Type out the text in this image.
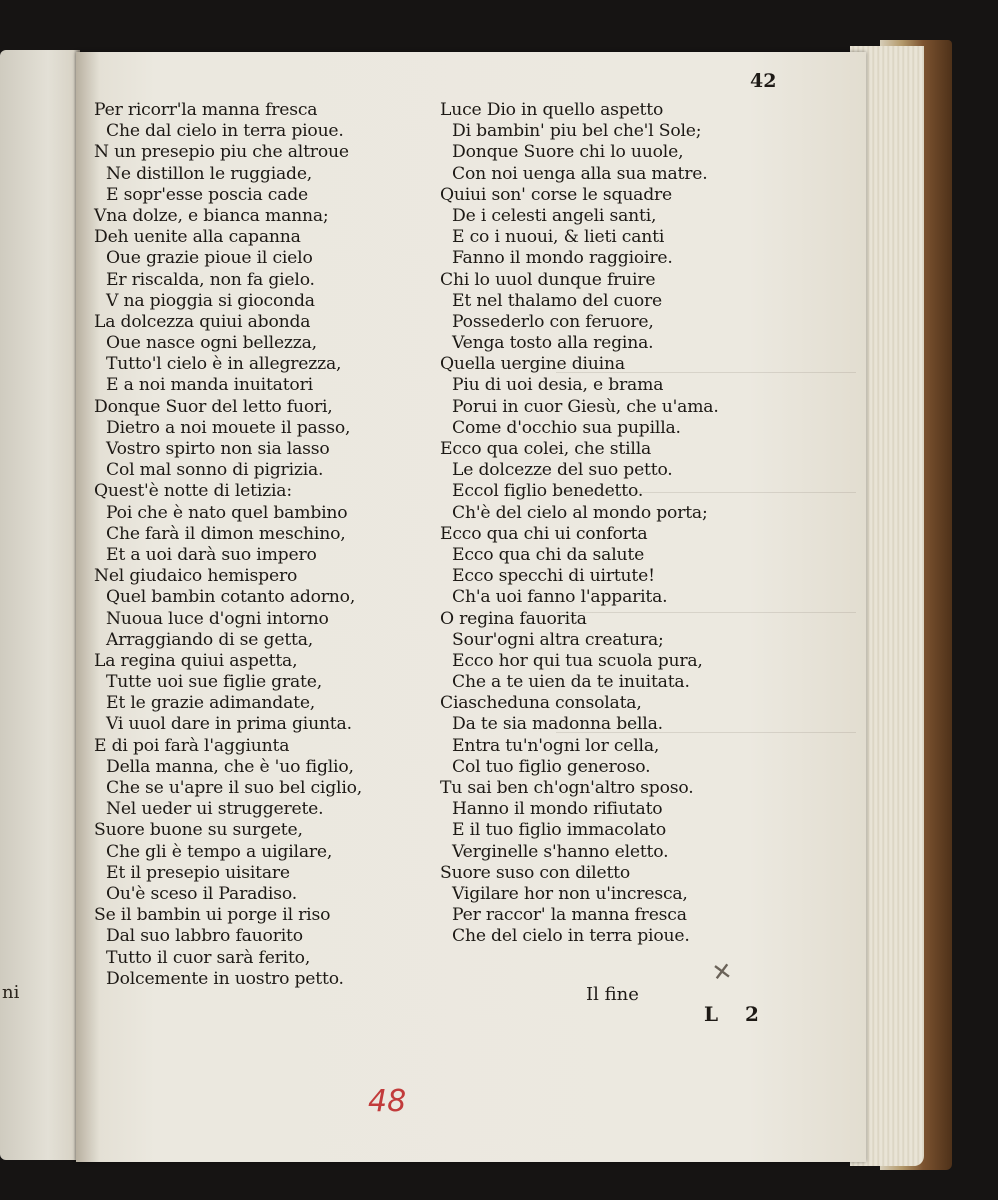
ni
42
Per ricorr'la manna fresca
Che dal cielo in terra pioue.
N un presepio piu che altroue
Ne distillon le ruggiade,
E sopr'esse poscia cade
Vna dolze, e bianca manna;
Deh uenite alla capanna
Oue grazie pioue il cielo
Er riscalda, non fa gielo.
V na pioggia si gioconda
La dolcezza quiui abonda
Oue nasce ogni bellezza,
Tutto'l cielo è in allegrezza,
E a noi manda inuitatori
Donque Suor del letto fuori,
Dietro a noi mouete il passo,
Vostro spirto non sia lasso
Col mal sonno di pigrizia.
Quest'è notte di letizia:
Poi che è nato quel bambino
Che farà il dimon meschino,
Et a uoi darà suo impero
Nel giudaico hemispero
Quel bambin cotanto adorno,
Nuoua luce d'ogni intorno
Arraggiando di se getta,
La regina quiui aspetta,
Tutte uoi sue figlie grate,
Et le grazie adimandate,
Vi uuol dare in prima giunta.
E di poi farà l'aggiunta
Della manna, che è 'uo figlio,
Che se u'apre il suo bel ciglio,
Nel ueder ui struggerete.
Suore buone su surgete,
Che gli è tempo a uigilare,
Et il presepio uisitare
Ou'è sceso il Paradiso.
Se il bambin ui porge il riso
Dal suo labbro fauorito
Tutto il cuor sarà ferito,
Dolcemente in uostro petto.
Luce Dio in quello aspetto
Di bambin' piu bel che'l Sole;
Donque Suore chi lo uuole,
Con noi uenga alla sua matre.
Quiui son' corse le squadre
De i celesti angeli santi,
E co i nuoui, & lieti canti
Fanno il mondo raggioire.
Chi lo uuol dunque fruire
Et nel thalamo del cuore
Possederlo con feruore,
Venga tosto alla regina.
Quella uergine diuina
Piu di uoi desia, e brama
Porui in cuor Giesù, che u'ama.
Come d'occhio sua pupilla.
Ecco qua colei, che stilla
Le dolcezze del suo petto.
Eccol figlio benedetto.
Ch'è del cielo al mondo porta;
Ecco qua chi ui conforta
Ecco qua chi da salute
Ecco specchi di uirtute!
Ch'a uoi fanno l'apparita.
O regina fauorita
Sour'ogni altra creatura;
Ecco hor qui tua scuola pura,
Che a te uien da te inuitata.
Ciascheduna consolata,
Da te sia madonna bella.
Entra tu'n'ogni lor cella,
Col tuo figlio generoso.
Tu sai ben ch'ogn'altro sposo.
Hanno il mondo rifiutato
E il tuo figlio immacolato
Verginelle s'hanno eletto.
Suore suso con diletto
Vigilare hor non u'incresca,
Per raccor' la manna fresca
Che del cielo in terra pioue.
Il fine
✕
L 2
48
